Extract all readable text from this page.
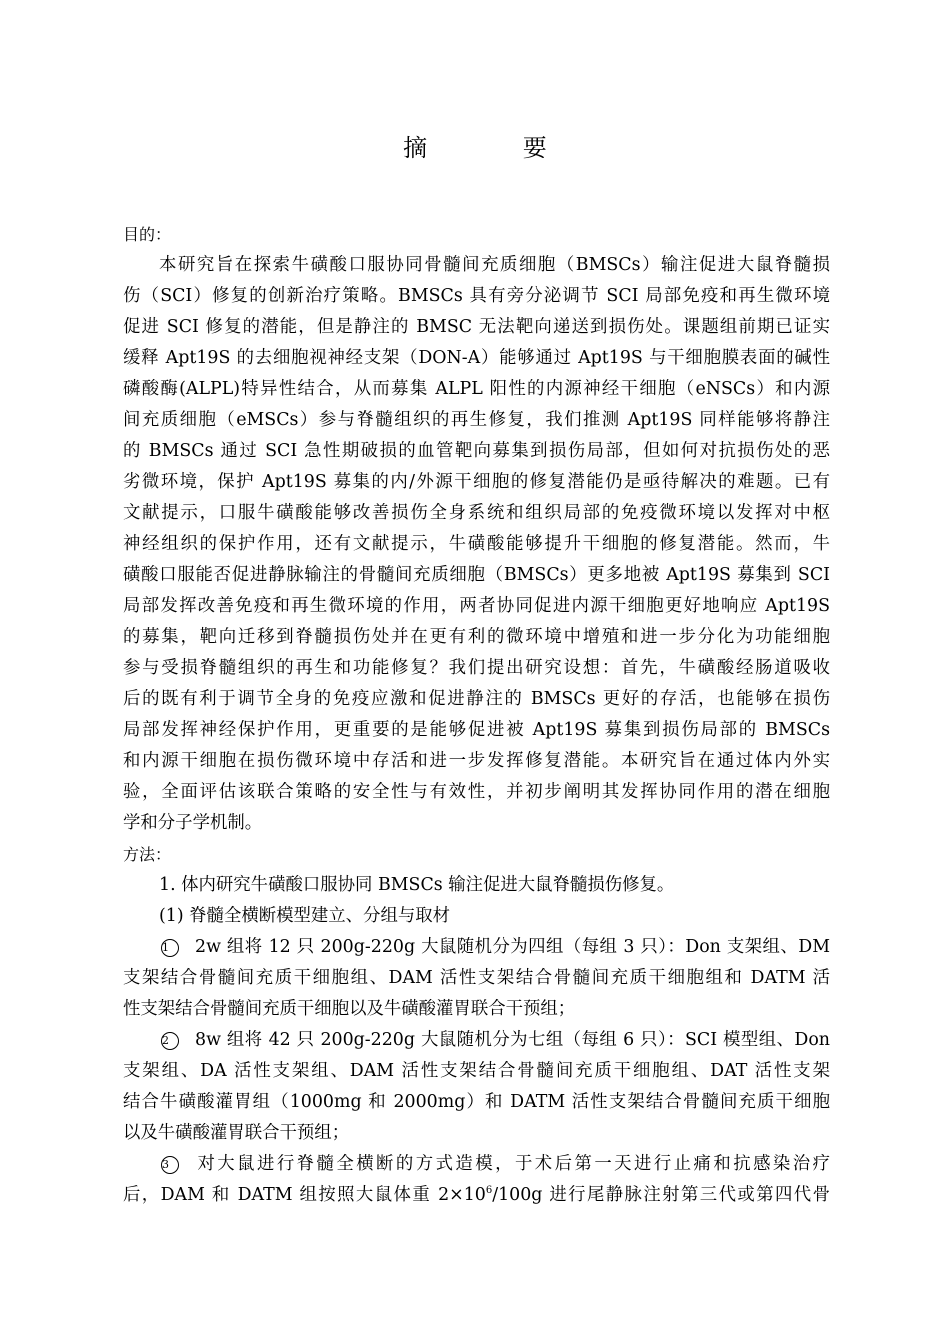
摘 要
目的：
本研究旨在探索牛磺酸口服协同骨髓间充质细胞（BMSCs）输注促进大鼠脊髓损
伤（SCI）修复的创新治疗策略。BMSCs 具有旁分泌调节 SCI 局部免疫和再生微环境
促进 SCI 修复的潜能，但是静注的 BMSC 无法靶向递送到损伤处。课题组前期已证实
缓释 Apt19S 的去细胞视神经支架（DON-A）能够通过 Apt19S 与干细胞膜表面的碱性
磷酸酶(ALPL)特异性结合，从而募集 ALPL 阳性的内源神经干细胞（eNSCs）和内源
间充质细胞（eMSCs）参与脊髓组织的再生修复，我们推测 Apt19S 同样能够将静注
的 BMSCs 通过 SCI 急性期破损的血管靶向募集到损伤局部，但如何对抗损伤处的恶
劣微环境，保护 Apt19S 募集的内/外源干细胞的修复潜能仍是亟待解决的难题。已有
文献提示，口服牛磺酸能够改善损伤全身系统和组织局部的免疫微环境以发挥对中枢
神经组织的保护作用，还有文献提示，牛磺酸能够提升干细胞的修复潜能。然而，牛
磺酸口服能否促进静脉输注的骨髓间充质细胞（BMSCs）更多地被 Apt19S 募集到 SCI
局部发挥改善免疫和再生微环境的作用，两者协同促进内源干细胞更好地响应 Apt19S
的募集，靶向迁移到脊髓损伤处并在更有利的微环境中增殖和进一步分化为功能细胞
参与受损脊髓组织的再生和功能修复？我们提出研究设想：首先，牛磺酸经肠道吸收
后的既有利于调节全身的免疫应激和促进静注的 BMSCs 更好的存活，也能够在损伤
局部发挥神经保护作用，更重要的是能够促进被 Apt19S 募集到损伤局部的 BMSCs
和内源干细胞在损伤微环境中存活和进一步发挥修复潜能。本研究旨在通过体内外实
验，全面评估该联合策略的安全性与有效性，并初步阐明其发挥协同作用的潜在细胞
学和分子学机制。
方法：
1. 体内研究牛磺酸口服协同 BMSCs 输注促进大鼠脊髓损伤修复。
(1) 脊髓全横断模型建立、分组与取材
1 2w 组将 12 只 200g-220g 大鼠随机分为四组（每组 3 只）：Don 支架组、DM
支架结合骨髓间充质干细胞组、DAM 活性支架结合骨髓间充质干细胞组和 DATM 活
性支架结合骨髓间充质干细胞以及牛磺酸灌胃联合干预组；
2 8w 组将 42 只 200g-220g 大鼠随机分为七组（每组 6 只）：SCI 模型组、Don
支架组、DA 活性支架组、DAM 活性支架结合骨髓间充质干细胞组、DAT 活性支架
结合牛磺酸灌胃组（1000mg 和 2000mg）和 DATM 活性支架结合骨髓间充质干细胞
以及牛磺酸灌胃联合干预组；
3 对大鼠进行脊髓全横断的方式造模，于术后第一天进行止痛和抗感染治疗
后，DAM 和 DATM 组按照大鼠体重 $2\times 10^6/100g$ 进行尾静脉注射第三代或第四代骨
